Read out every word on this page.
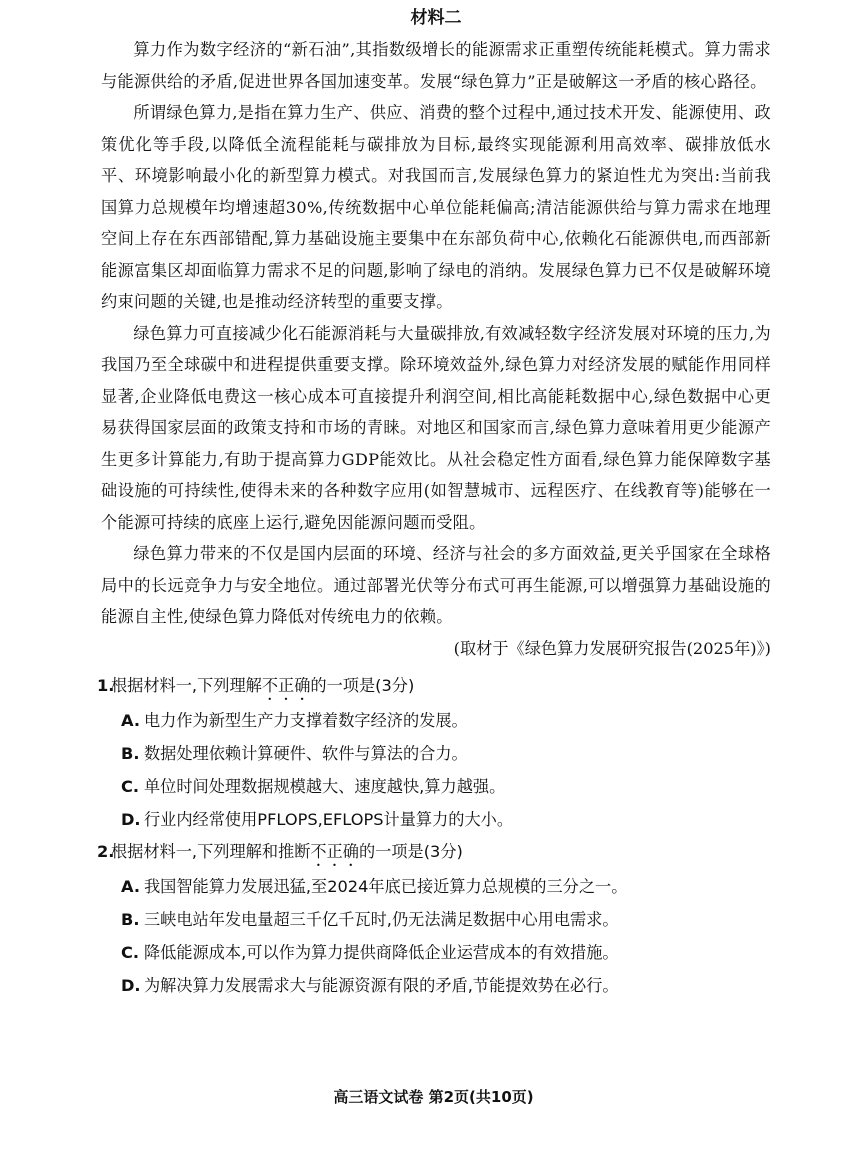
材料二

算力作为数字经济的“新石油”,其指数级增长的能源需求正重塑传统能耗模式。算力需求与能源供给的矛盾,促进世界各国加速变革。发展“绿色算力”正是破解这一矛盾的核心路径。

所谓绿色算力,是指在算力生产、供应、消费的整个过程中,通过技术开发、能源使用、政策优化等手段,以降低全流程能耗与碳排放为目标,最终实现能源利用高效率、碳排放低水平、环境影响最小化的新型算力模式。对我国而言,发展绿色算力的紧迫性尤为突出:当前我国算力总规模年均增速超30%,传统数据中心单位能耗偏高;清洁能源供给与算力需求在地理空间上存在东西部错配,算力基础设施主要集中在东部负荷中心,依赖化石能源供电,而西部新能源富集区却面临算力需求不足的问题,影响了绿电的消纳。发展绿色算力已不仅是破解环境约束问题的关键,也是推动经济转型的重要支撑。

绿色算力可直接减少化石能源消耗与大量碳排放,有效减轻数字经济发展对环境的压力,为我国乃至全球碳中和进程提供重要支撑。除环境效益外,绿色算力对经济发展的赋能作用同样显著,企业降低电费这一核心成本可直接提升利润空间,相比高能耗数据中心,绿色数据中心更易获得国家层面的政策支持和市场的青睐。对地区和国家而言,绿色算力意味着用更少能源产生更多计算能力,有助于提高算力GDP能效比。从社会稳定性方面看,绿色算力能保障数字基础设施的可持续性,使得未来的各种数字应用(如智慧城市、远程医疗、在线教育等)能够在一个能源可持续的底座上运行,避免因能源问题而受阻。

绿色算力带来的不仅是国内层面的环境、经济与社会的多方面效益,更关乎国家在全球格局中的长远竞争力与安全地位。通过部署光伏等分布式可再生能源,可以增强算力基础设施的能源自主性,使绿色算力降低对传统电力的依赖。

(取材于《绿色算力发展研究报告(2025年)》)
1.根据材料一,下列理解不正确的一项是(3分)
A. 电力作为新型生产力支撑着数字经济的发展。
B. 数据处理依赖计算硬件、软件与算法的合力。
C. 单位时间处理数据规模越大、速度越快,算力越强。
D. 行业内经常使用PFLOPS,EFLOPS计量算力的大小。
2.根据材料一,下列理解和推断不正确的一项是(3分)
A. 我国智能算力发展迅猛,至2024年底已接近算力总规模的三分之一。
B. 三峡电站年发电量超三千亿千瓦时,仍无法满足数据中心用电需求。
C. 降低能源成本,可以作为算力提供商降低企业运营成本的有效措施。
D. 为解决算力发展需求大与能源资源有限的矛盾,节能提效势在必行。
高三语文试卷 第2页(共10页)
